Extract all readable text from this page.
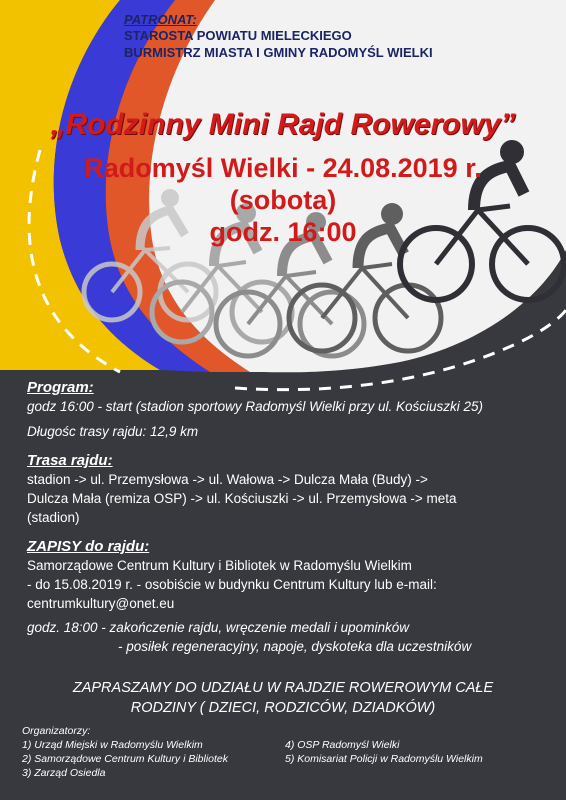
PATRONAT:
STAROSTA POWIATU MIELECKIEGO
BURMISTRZ MIASTA I GMINY RADOMYŚL WIELKI
„Rodzinny Mini Rajd Rowerowy”
Radomyśl Wielki - 24.08.2019 r.
(sobota)
godz. 16:00
Program:
godz 16:00 - start (stadion sportowy Radomyśl Wielki przy ul. Kościuszki 25)
Długośc trasy rajdu: 12,9 km
Trasa rajdu:
stadion -> ul. Przemysłowa -> ul. Wałowa -> Dulcza Mała (Budy) ->
Dulcza Mała (remiza OSP) -> ul. Kościuszki -> ul. Przemysłowa -> meta
(stadion)
ZAPISY do rajdu:
Samorządowe Centrum Kultury i Bibliotek w Radomyślu Wielkim
- do 15.08.2019 r. - osobiście w budynku Centrum Kultury lub e-mail:
centrumkultury@onet.eu
godz. 18:00 - zakończenie rajdu, wręczenie medali i upominków
- posiłek regeneracyjny, napoje, dyskoteka dla uczestników
ZAPRASZAMY DO UDZIAŁU W RAJDZIE ROWEROWYM CAŁE
RODZINY ( DZIECI, RODZICÓW, DZIADKÓW)
Organizatorzy:
1) Urząd Miejski w Radomyślu Wielkim
2) Samorządowe Centrum Kultury i Bibliotek
3) Zarząd Osiedla
4) OSP Radomyśl Wielki
5) Komisariat Policji w Radomyślu Wielkim
